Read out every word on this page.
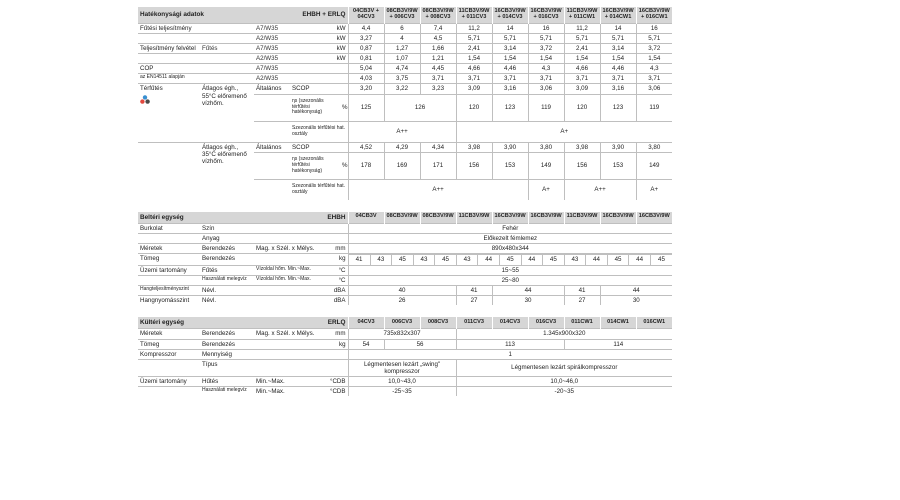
Hatékonysági adatok		EHBH + ERLQ			04CB3V + 04CV3	08CB3V/9W + 006CV3	08CB3V/9W + 008CV3	11CB3V/9W + 011CV3	16CB3V/9W + 014CV3	16CB3V/9W + 016CV3	11CB3V/9W + 011CW1	16CB3V/9W + 014CW1	16CB3V/9W + 016CW1
Fűtési teljesítmény		A7/W35	kW		4,4	6	7,4	11,2	14	16	11,2	14	16
		A2/W35	kW		3,27	4	4,5	5,71	5,71	5,71	5,71	5,71	5,71
Teljesítmény felvétel	Fűtés	A7/W35	kW		0,87	1,27	1,66	2,41	3,14	3,72	2,41	3,14	3,72
		A2/W35	kW		0,81	1,07	1,21	1,54	1,54	1,54	1,54	1,54	1,54
COP		A7/W35			5,04	4,74	4,45	4,66	4,46	4,3	4,66	4,46	4,3
az EN14511 alapján		A2/W35			4,03	3,75	3,71	3,71	3,71	3,71	3,71	3,71	3,71
Térfűtés	Átlagos égh., 55°C előremenő vízhőm.	Általános	SCOP		3,20	3,22	3,23	3,09	3,16	3,06	3,09	3,16	3,06
			ηs (szezonális térfűtési hatékonyság)	%	125	126		120	123	119	120	123	119
			Szezonális térfűtési hat. osztály		A++			A+					
	Átlagos égh., 35°C előremenő vízhőm.	Általános	SCOP		4,52	4,29	4,34	3,98	3,90	3,80	3,98	3,90	3,80
			ηs (szezonális térfűtési hatékonyság)	%	178	169	171	156	153	149	156	153	149
			Szezonális térfűtési hat. osztály		A++					A+	A++		A+
Beltéri egység	EHBH	04CB3V	08CB3V/9W	08CB3V/9W	11CB3V/9W	16CB3V/9W	16CB3V/9W	11CB3V/9W	16CB3V/9W	16CB3V/9W
Burkolat	Szín	Fehér
	Anyag	Előkezelt fémlemez
Méretek	Berendezés	Mag. x Szél. x Mélys.	mm	890x480x344
Tömeg	Berendezés	kg	41	43	45	43	45	43	44	45	44	45	43	44	45	44	45

Üzemi tartomány	Fűtés	Vízoldal hőm. Min.~Max.	°C	15~55
	Használati melegvíz	Vízoldal hőm. Min.~Max.	°C	25~80
Hangteljesítményszint	Névl.	dBA	40	41	44	41	44
Hangnyomásszint	Névl.	dBA	26	27	30	27	30
Kültéri egység		ERLQ		04CV3	006CV3	008CV3	011CV3	014CV3	016CV3	011CW1	014CW1	016CW1
Méretek	Berendezés	Mag. x Szél. x Mélys.	mm	735x832x307			1.345x900x320					
Tömeg	Berendezés		kg	54	56		113			114		
Kompresszor	Mennyiség			1								
	Típus			Légmentesen lezárt „swing" kompresszor			Légmentesen lezárt spirálkompresszor					
Üzemi tartomány	Hűtés	Min.~Max.	°CDB	10,0~43,0			10,0~46,0					
	Használati melegvíz	Min.~Max.	°CDB	-25~35			-20~35					
